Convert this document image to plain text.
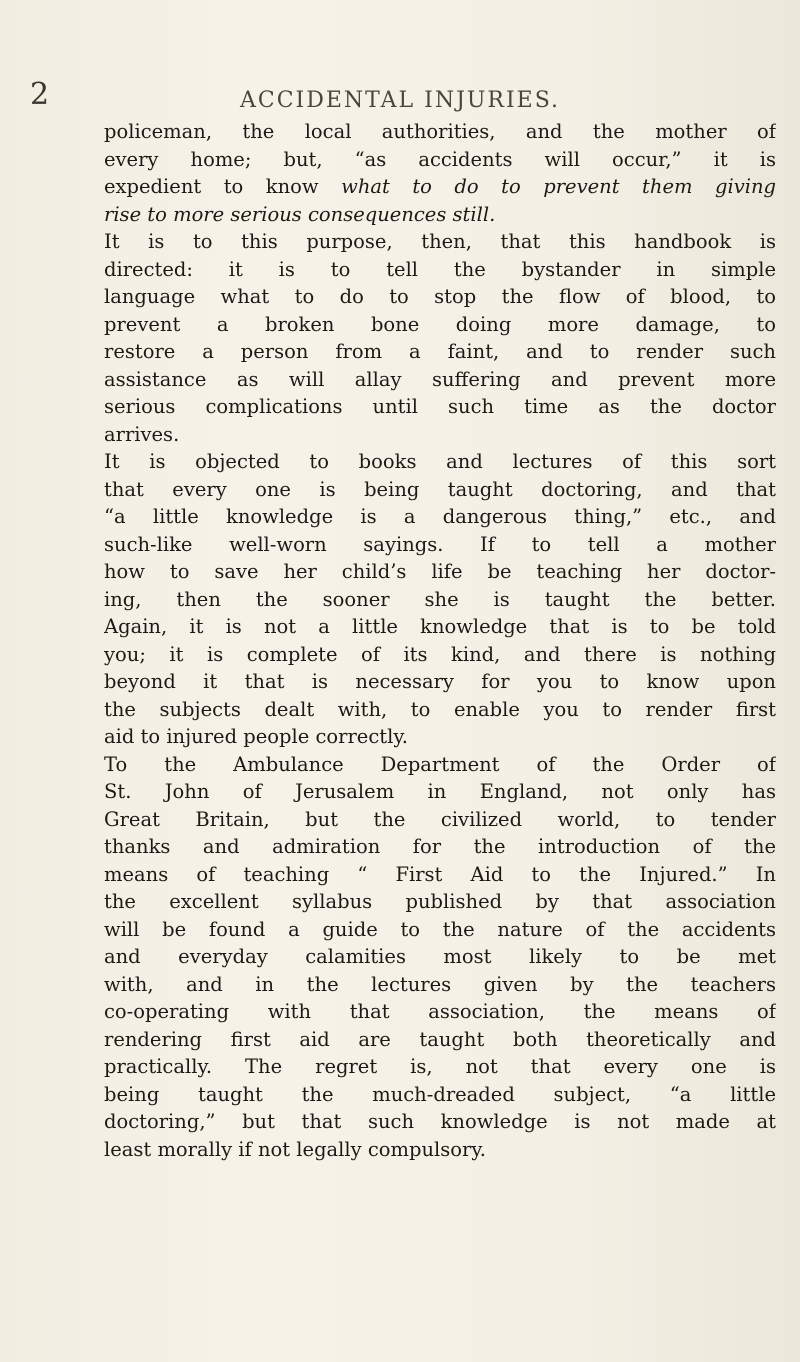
2	ACCIDENTAL INJURIES.
policeman, the local authorities, and the mother of
every home; but, “as accidents will occur,” it is
expedient to know what to do to prevent them giving
rise to more serious consequences still.
It is to this purpose, then, that this handbook is
directed: it is to tell the bystander in simple
language what to do to stop the flow of blood, to
prevent a broken bone doing more damage, to
restore a person from a faint, and to render such
assistance as will allay suffering and prevent more
serious complications until such time as the doctor
arrives.
It is objected to books and lectures of this sort
that every one is being taught doctoring, and that
“a little knowledge is a dangerous thing,” etc., and
such-like well-worn sayings. If to tell a mother
how to save her child’s life be teaching her doctor-
ing, then the sooner she is taught the better.
Again, it is not a little knowledge that is to be told
you; it is complete of its kind, and there is nothing
beyond it that is necessary for you to know upon
the subjects dealt with, to enable you to render first
aid to injured people correctly.
To the Ambulance Department of the Order of
St. John of Jerusalem in England, not only has
Great Britain, but the civilized world, to tender
thanks and admiration for the introduction of the
means of teaching “ First Aid to the Injured.” In
the excellent syllabus published by that association
will be found a guide to the nature of the accidents
and everyday calamities most likely to be met
with, and in the lectures given by the teachers
co-operating with that association, the means of
rendering first aid are taught both theoretically and
practically. The regret is, not that every one is
being taught the much-dreaded subject, “a little
doctoring,” but that such knowledge is not made at
least morally if not legally compulsory.
